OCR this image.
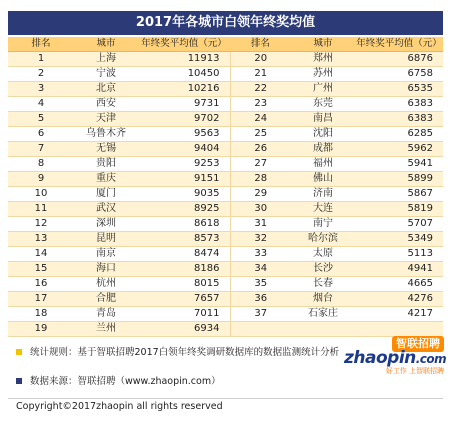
2017年各城市白领年终奖均值
排名	城市	年终奖平均值（元）	排名	城市	年终奖平均值（元）
1	上海	11913	20	郑州	6876
2	宁波	10450	21	苏州	6758
3	北京	10216	22	广州	6535
4	西安	9731	23	东莞	6383
5	天津	9702	24	南昌	6383
6	乌鲁木齐	9563	25	沈阳	6285
7	无锡	9404	26	成都	5962
8	贵阳	9253	27	福州	5941
9	重庆	9151	28	佛山	5899
10	厦门	9035	29	济南	5867
11	武汉	8925	30	大连	5819
12	深圳	8618	31	南宁	5707
13	昆明	8573	32	哈尔滨	5349
14	南京	8474	33	太原	5113
15	海口	8186	34	长沙	4941
16	杭州	8015	35	长春	4665
17	合肥	7657	36	烟台	4276
18	青岛	7011	37	石家庄	4217
19	兰州	6934			
统计规则：基于智联招聘2017白领年终奖调研数据库的数据监测统计分析
数据来源：智联招聘（www.zhaopin.com）
智联招聘
zhaopin.com
好工作 上智联招聘
Copyright©2017zhaopin all rights reserved
